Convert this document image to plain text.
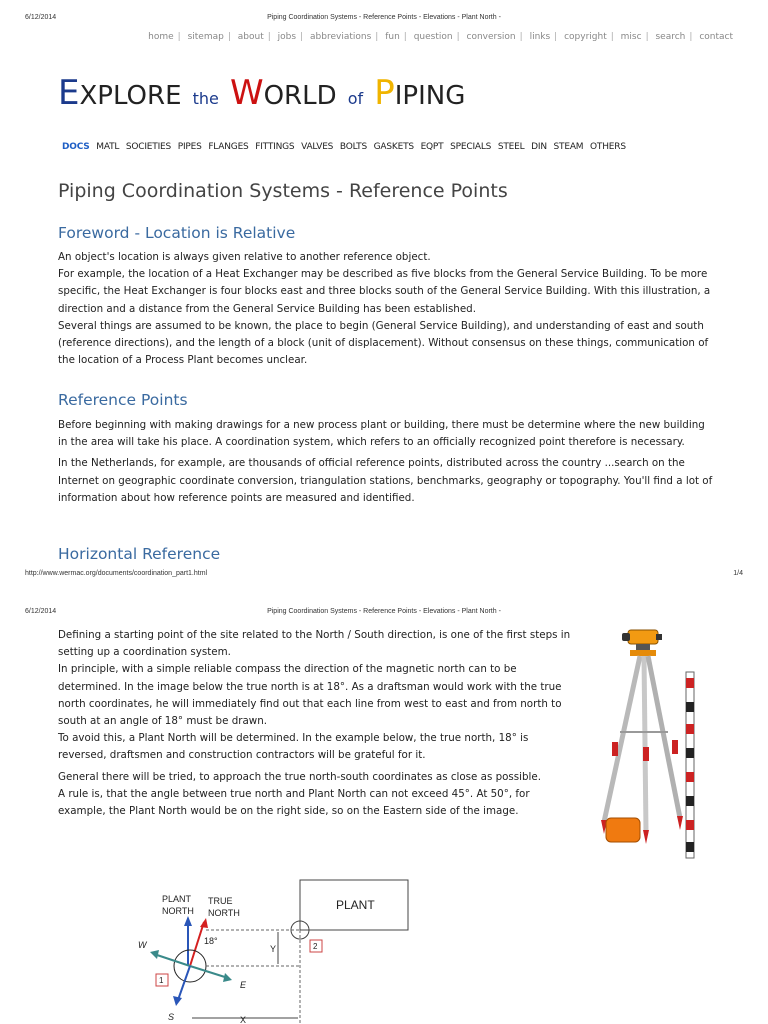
6/12/2014	Piping Coordination Systems - Reference Points - Elevations - Plant North -
home | sitemap | about | jobs | abbreviations | fun | question | conversion | links | copyright | misc | search | contact
EXPLORE the WORLD of PIPING
DOCS MATL SOCIETIES PIPES FLANGES FITTINGS VALVES BOLTS GASKETS EQPT SPECIALS STEEL DIN STEAM OTHERS
Piping Coordination Systems - Reference Points
Foreword - Location is Relative
An object's location is always given relative to another reference object.
For example, the location of a Heat Exchanger may be described as five blocks from the General Service Building. To be more specific, the Heat Exchanger is four blocks east and three blocks south of the General Service Building. With this illustration, a direction and a distance from the General Service Building has been established.
Several things are assumed to be known, the place to begin (General Service Building), and understanding of east and south (reference directions), and the length of a block (unit of displacement). Without consensus on these things, communication of the location of a Process Plant becomes unclear.
Reference Points
Before beginning with making drawings for a new process plant or building, there must be determine where the new building in the area will take his place. A coordination system, which refers to an officially recognized point therefore is necessary.
In the Netherlands, for example, are thousands of official reference points, distributed across the country ...search on the Internet on geographic coordinate conversion, triangulation stations, benchmarks, geography or topography. You'll find a lot of information about how reference points are measured and identified.
Horizontal Reference
http://www.wermac.org/documents/coordination_part1.html	1/4
6/12/2014	Piping Coordination Systems - Reference Points - Elevations - Plant North -
Defining a starting point of the site related to the North / South direction, is one of the first steps in setting up a coordination system.
In principle, with a simple reliable compass the direction of the magnetic north can to be determined. In the image below the true north is at 18°. As a draftsman would work with the true north coordinates, he will immediately find out that each line from west to east and from north to south at an angle of 18° must be drawn.
To avoid this, a Plant North will be determined. In the example below, the true north, 18° is reversed, draftsmen and construction contractors will be grateful for it.
General there will be tried, to approach the true north-south coordinates as close as possible.
A rule is, that the angle between true north and Plant North can not exceed 45°. At 50°, for example, the Plant North would be on the right side, so on the Eastern side of the image.
PLANT
NORTH
TRUE
NORTH
18°
W
E
S
1
PLANT
2
Y
X
